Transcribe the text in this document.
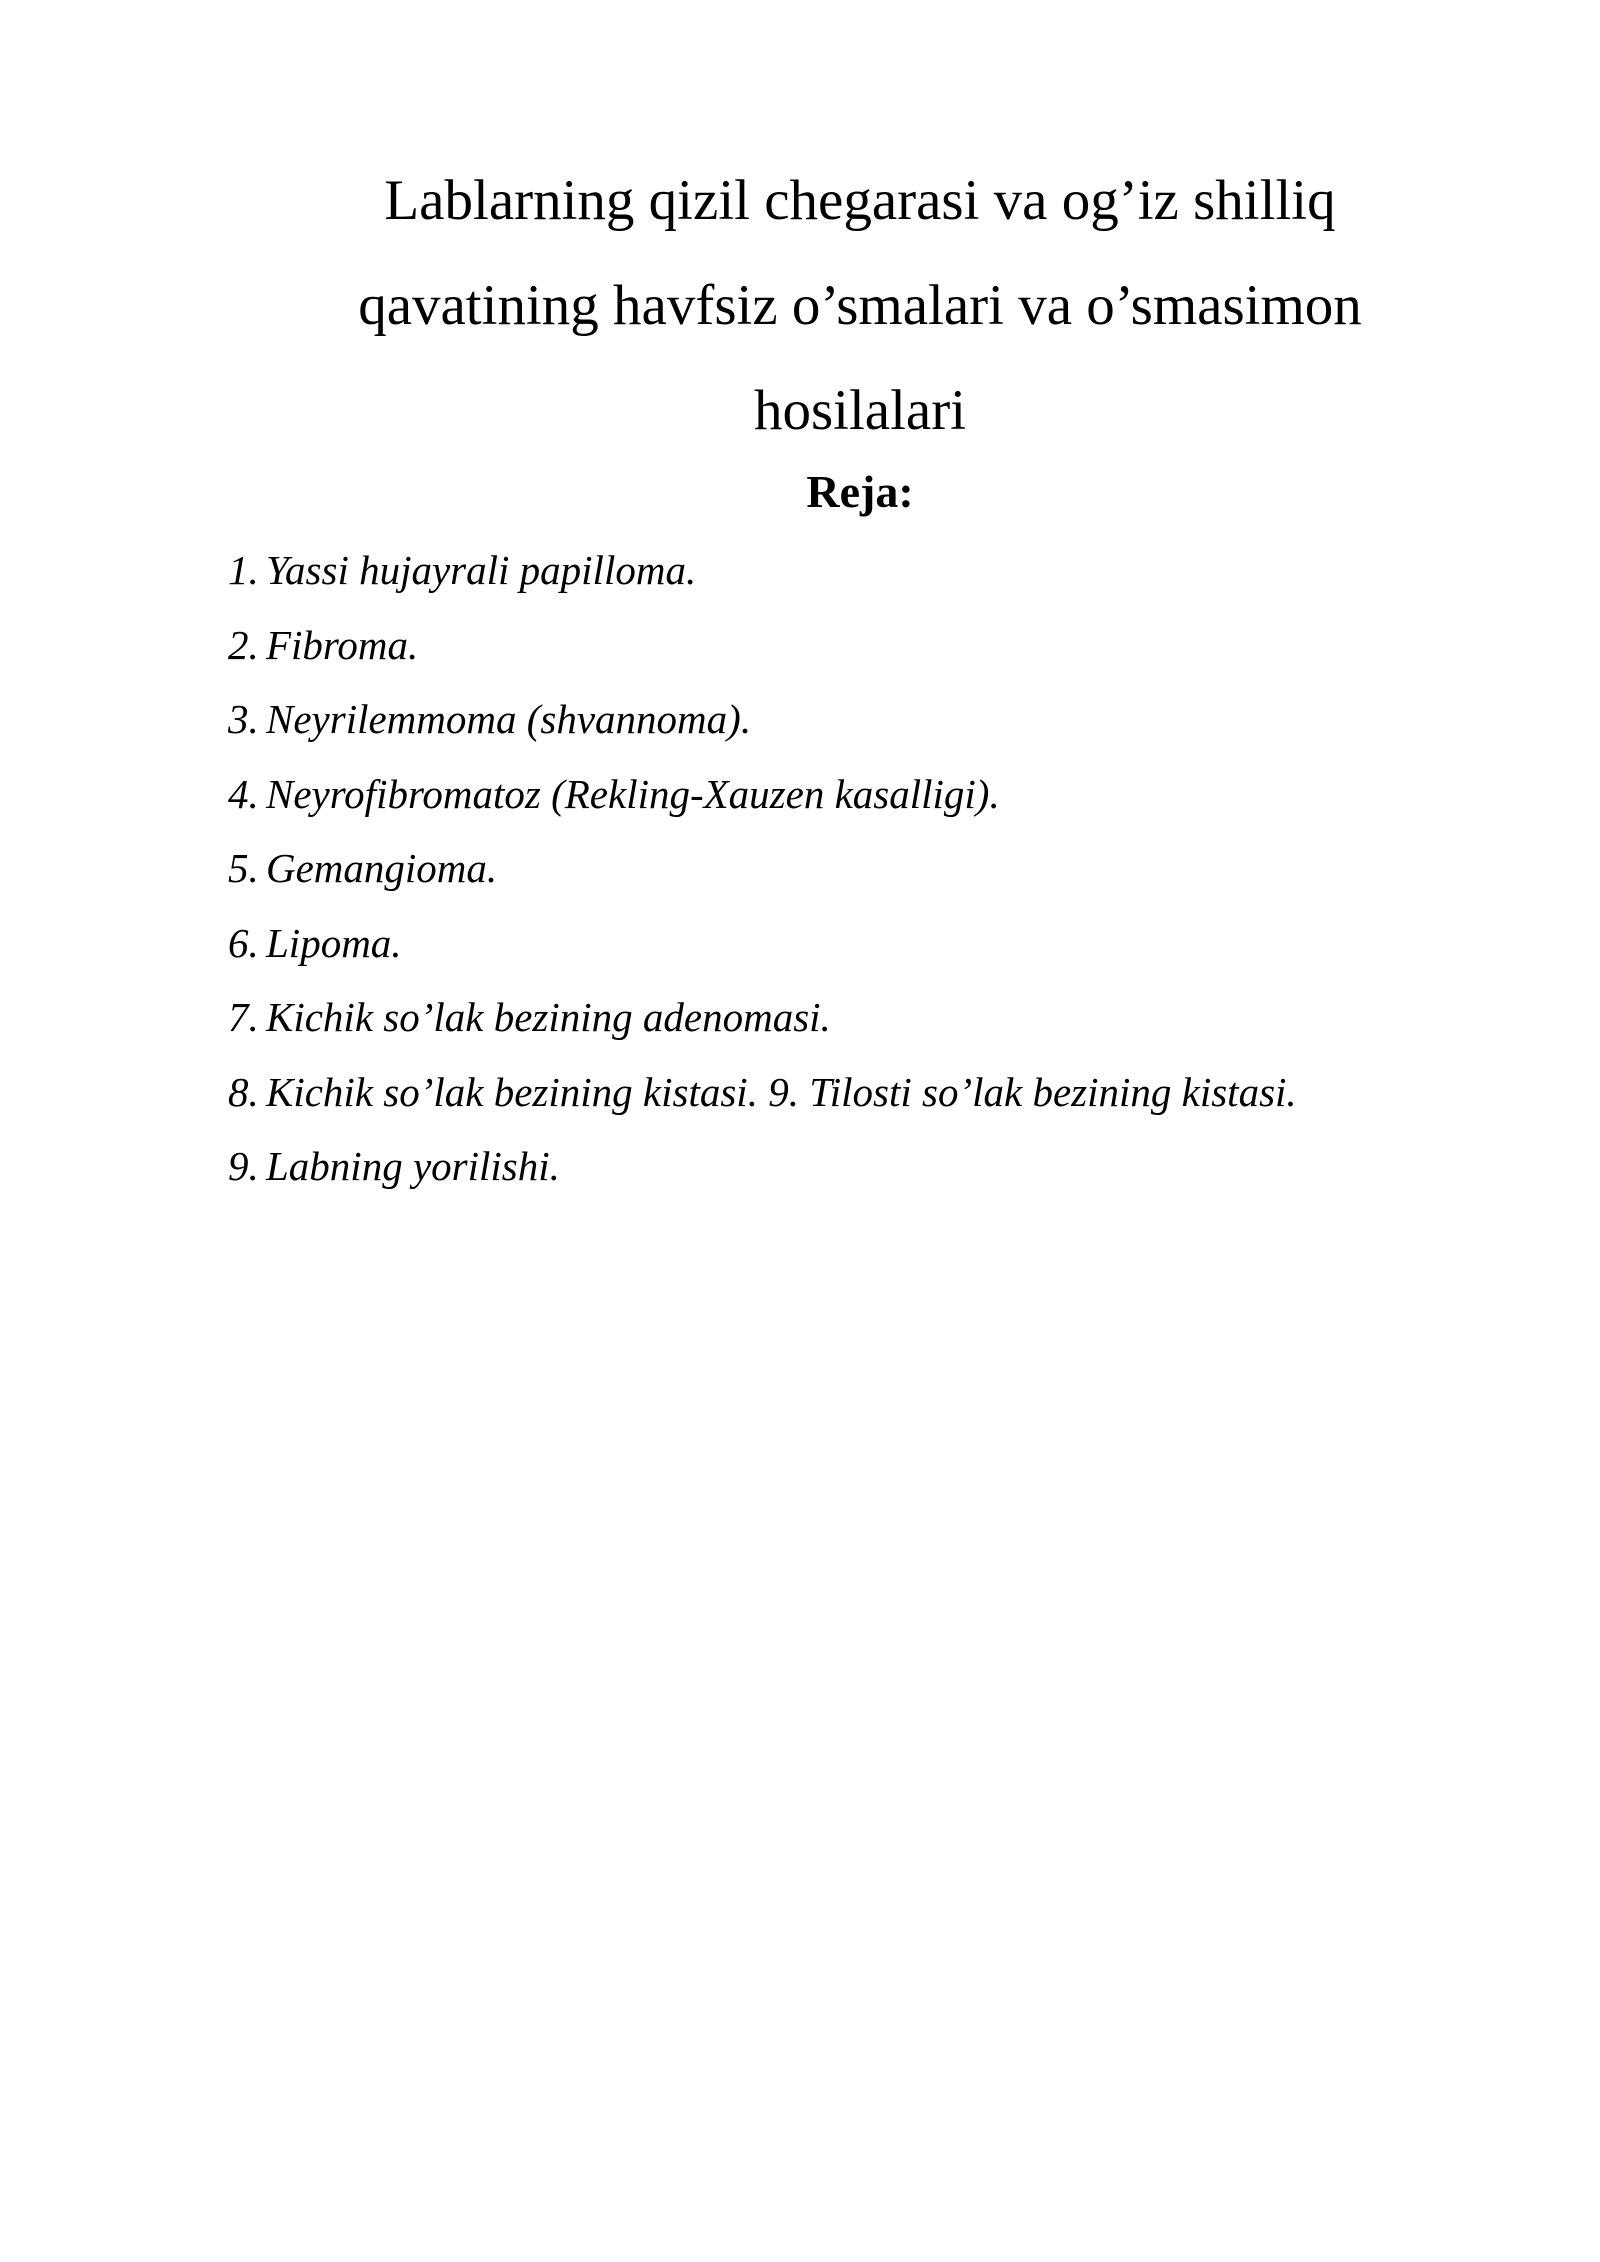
Lablarning qizil chegarasi va og’iz shilliq
qavatining havfsiz o’smalari va o’smasimon
hosilalari
Reja:
1. Yassi hujayrali papilloma.
2. Fibroma.
3. Neyrilemmoma (shvannoma).
4. Neyrofibromatoz (Rekling-Xauzen kasalligi).
5. Gemangioma.
6. Lipoma.
7. Kichik so’lak bezining adenomasi.
8. Kichik so’lak bezining kistasi. 9. Tilosti so’lak bezining kistasi.
9. Labning yorilishi.
